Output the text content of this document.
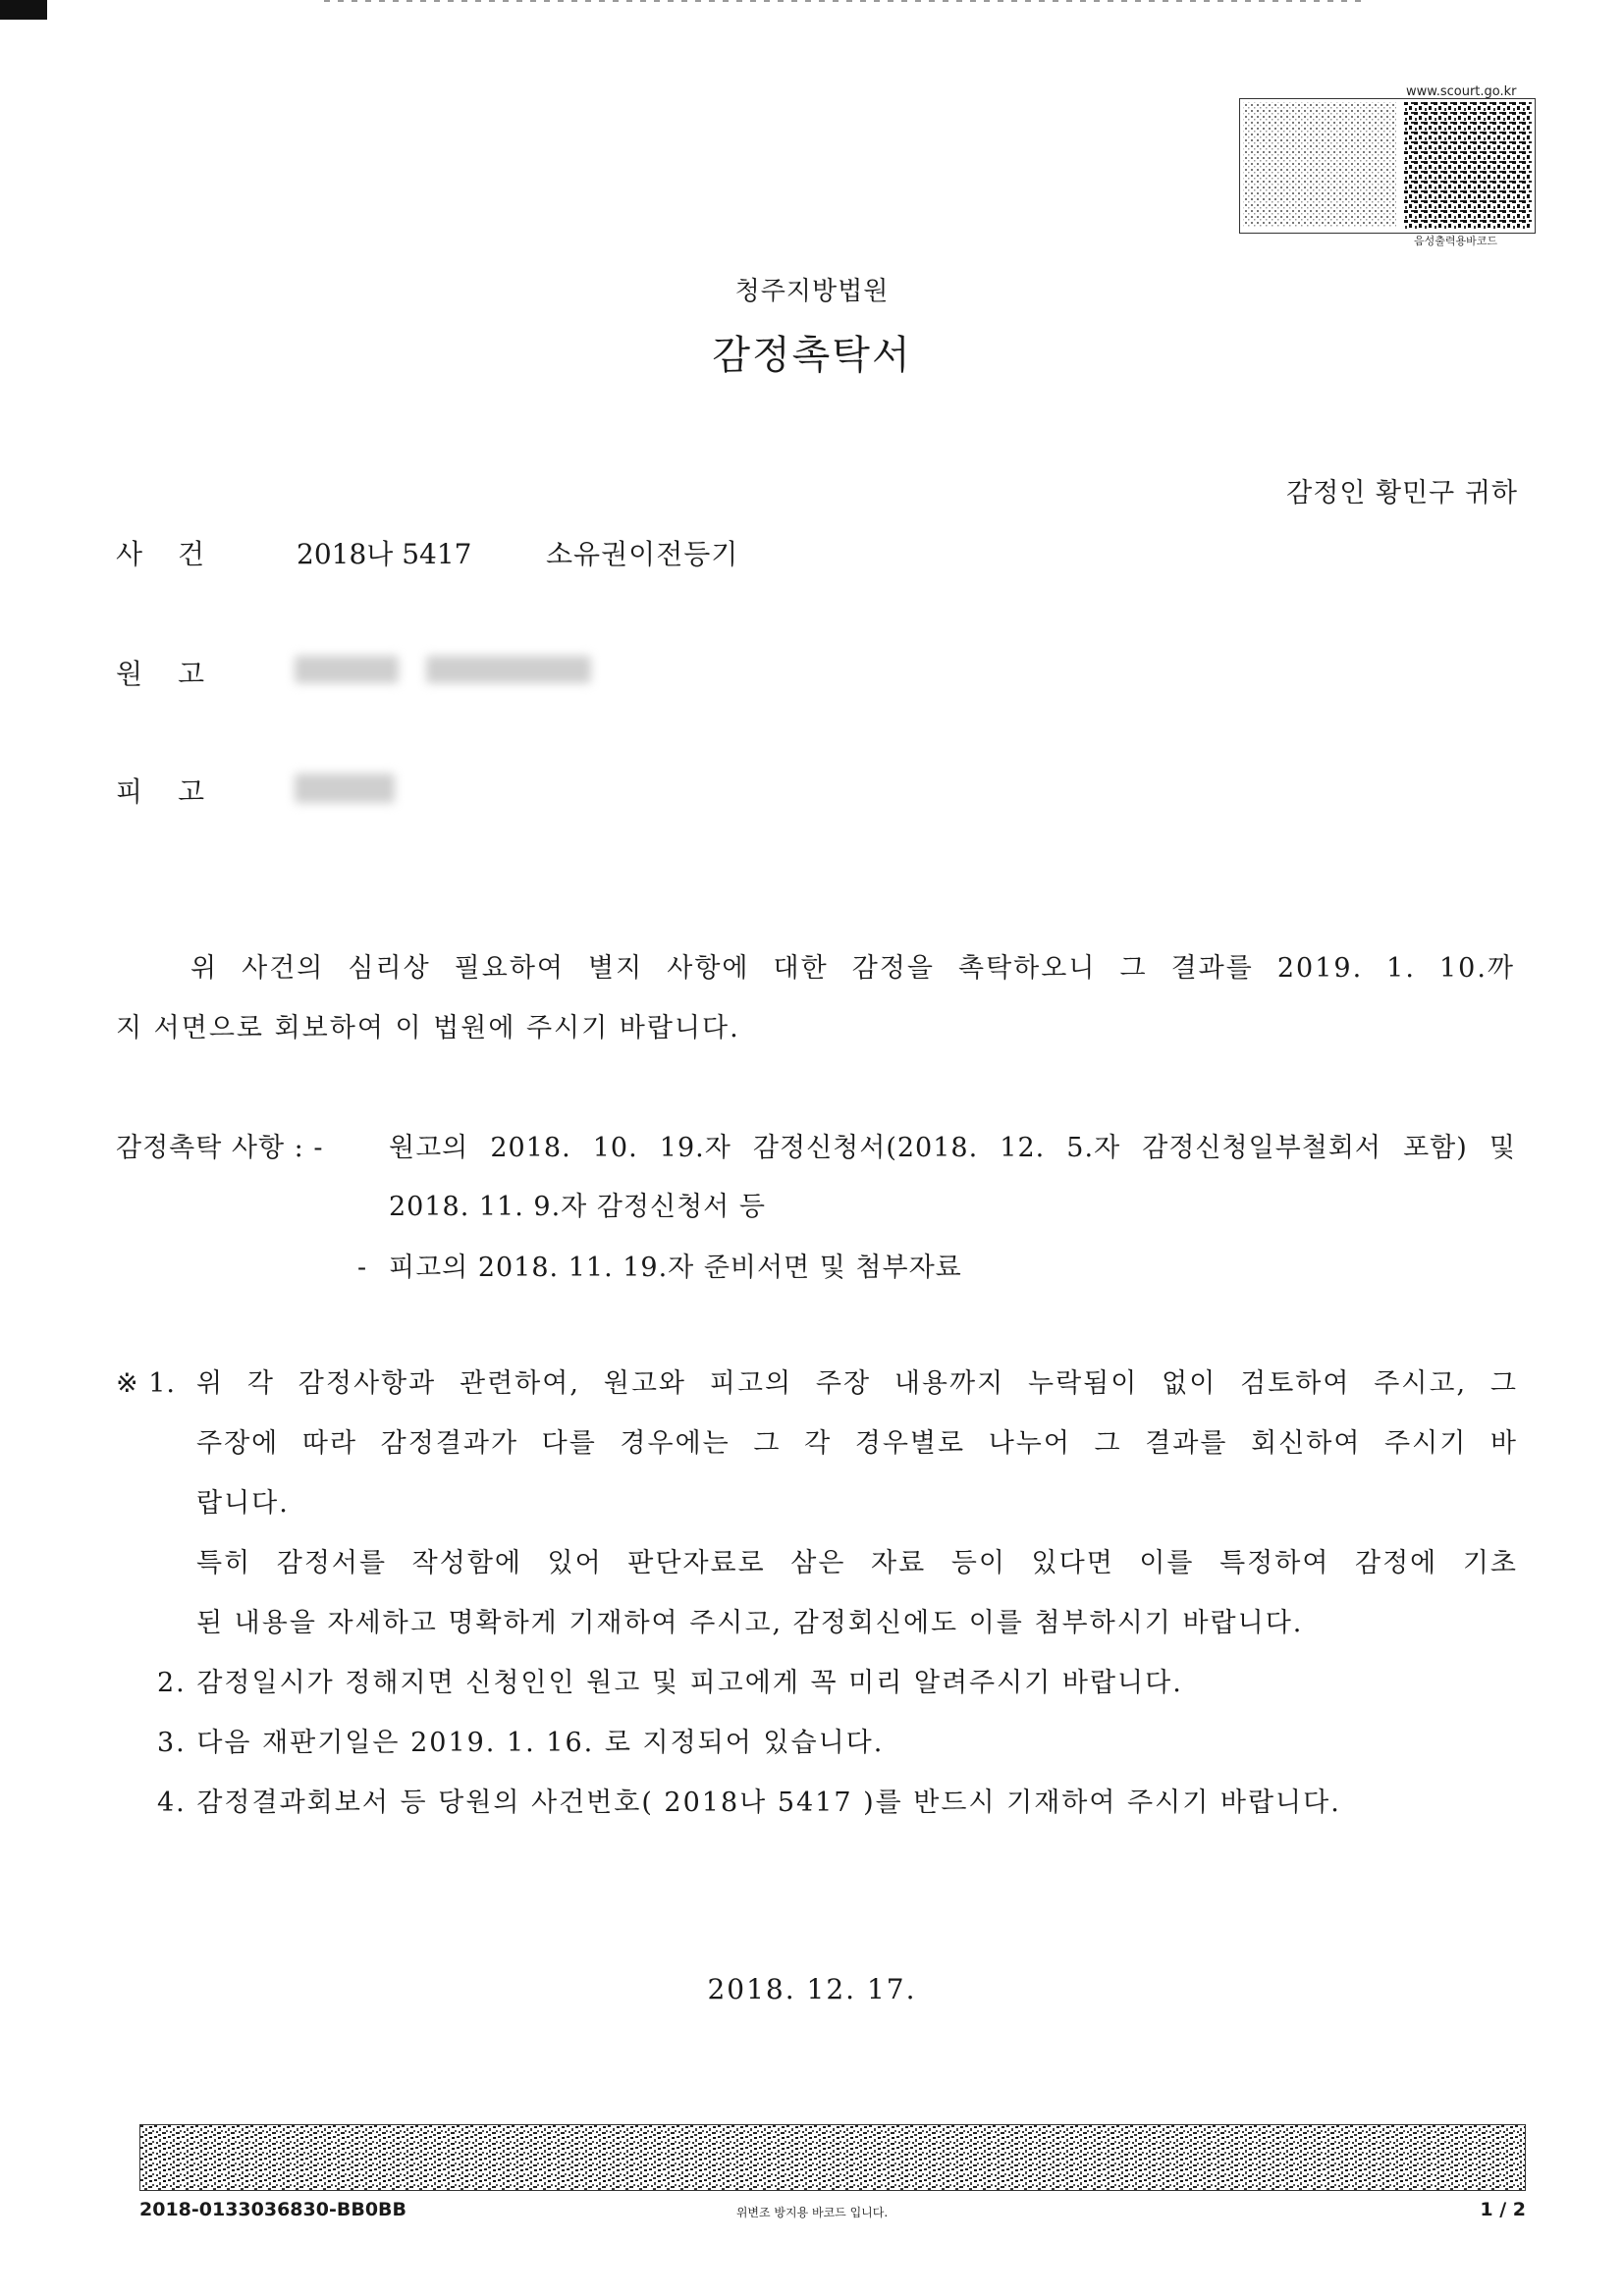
www.scourt.go.kr
음성출력용바코드
청주지방법원
감정촉탁서
감정인 황민구 귀하
사건 2018나 5417	소유권이전등기
원고
피고
위 사건의 심리상 필요하여 별지 사항에 대한 감정을 촉탁하오니 그 결과를 2019. 1. 10.까
지 서면으로 회보하여 이 법원에 주시기 바랍니다.
감정촉탁 사항 : - 원고의 2018. 10. 19.자 감정신청서(2018. 12. 5.자 감정신청일부철회서 포함) 및
2018. 11. 9.자 감정신청서 등
- 피고의 2018. 11. 19.자 준비서면 및 첨부자료
※ 1. 위 각 감정사항과 관련하여, 원고와 피고의 주장 내용까지 누락됨이 없이 검토하여 주시고, 그
주장에 따라 감정결과가 다를 경우에는 그 각 경우별로 나누어 그 결과를 회신하여 주시기 바
랍니다.
특히 감정서를 작성함에 있어 판단자료로 삼은 자료 등이 있다면 이를 특정하여 감정에 기초
된 내용을 자세하고 명확하게 기재하여 주시고, 감정회신에도 이를 첨부하시기 바랍니다.
2. 감정일시가 정해지면 신청인인 원고 및 피고에게 꼭 미리 알려주시기 바랍니다.
3. 다음 재판기일은 2019. 1. 16. 로 지정되어 있습니다.
4. 감정결과회보서 등 당원의 사건번호( 2018나 5417 )를 반드시 기재하여 주시기 바랍니다.
2018. 12. 17.
2018-0133036830-BB0BB	위변조 방지용 바코드 입니다.	1 / 2
